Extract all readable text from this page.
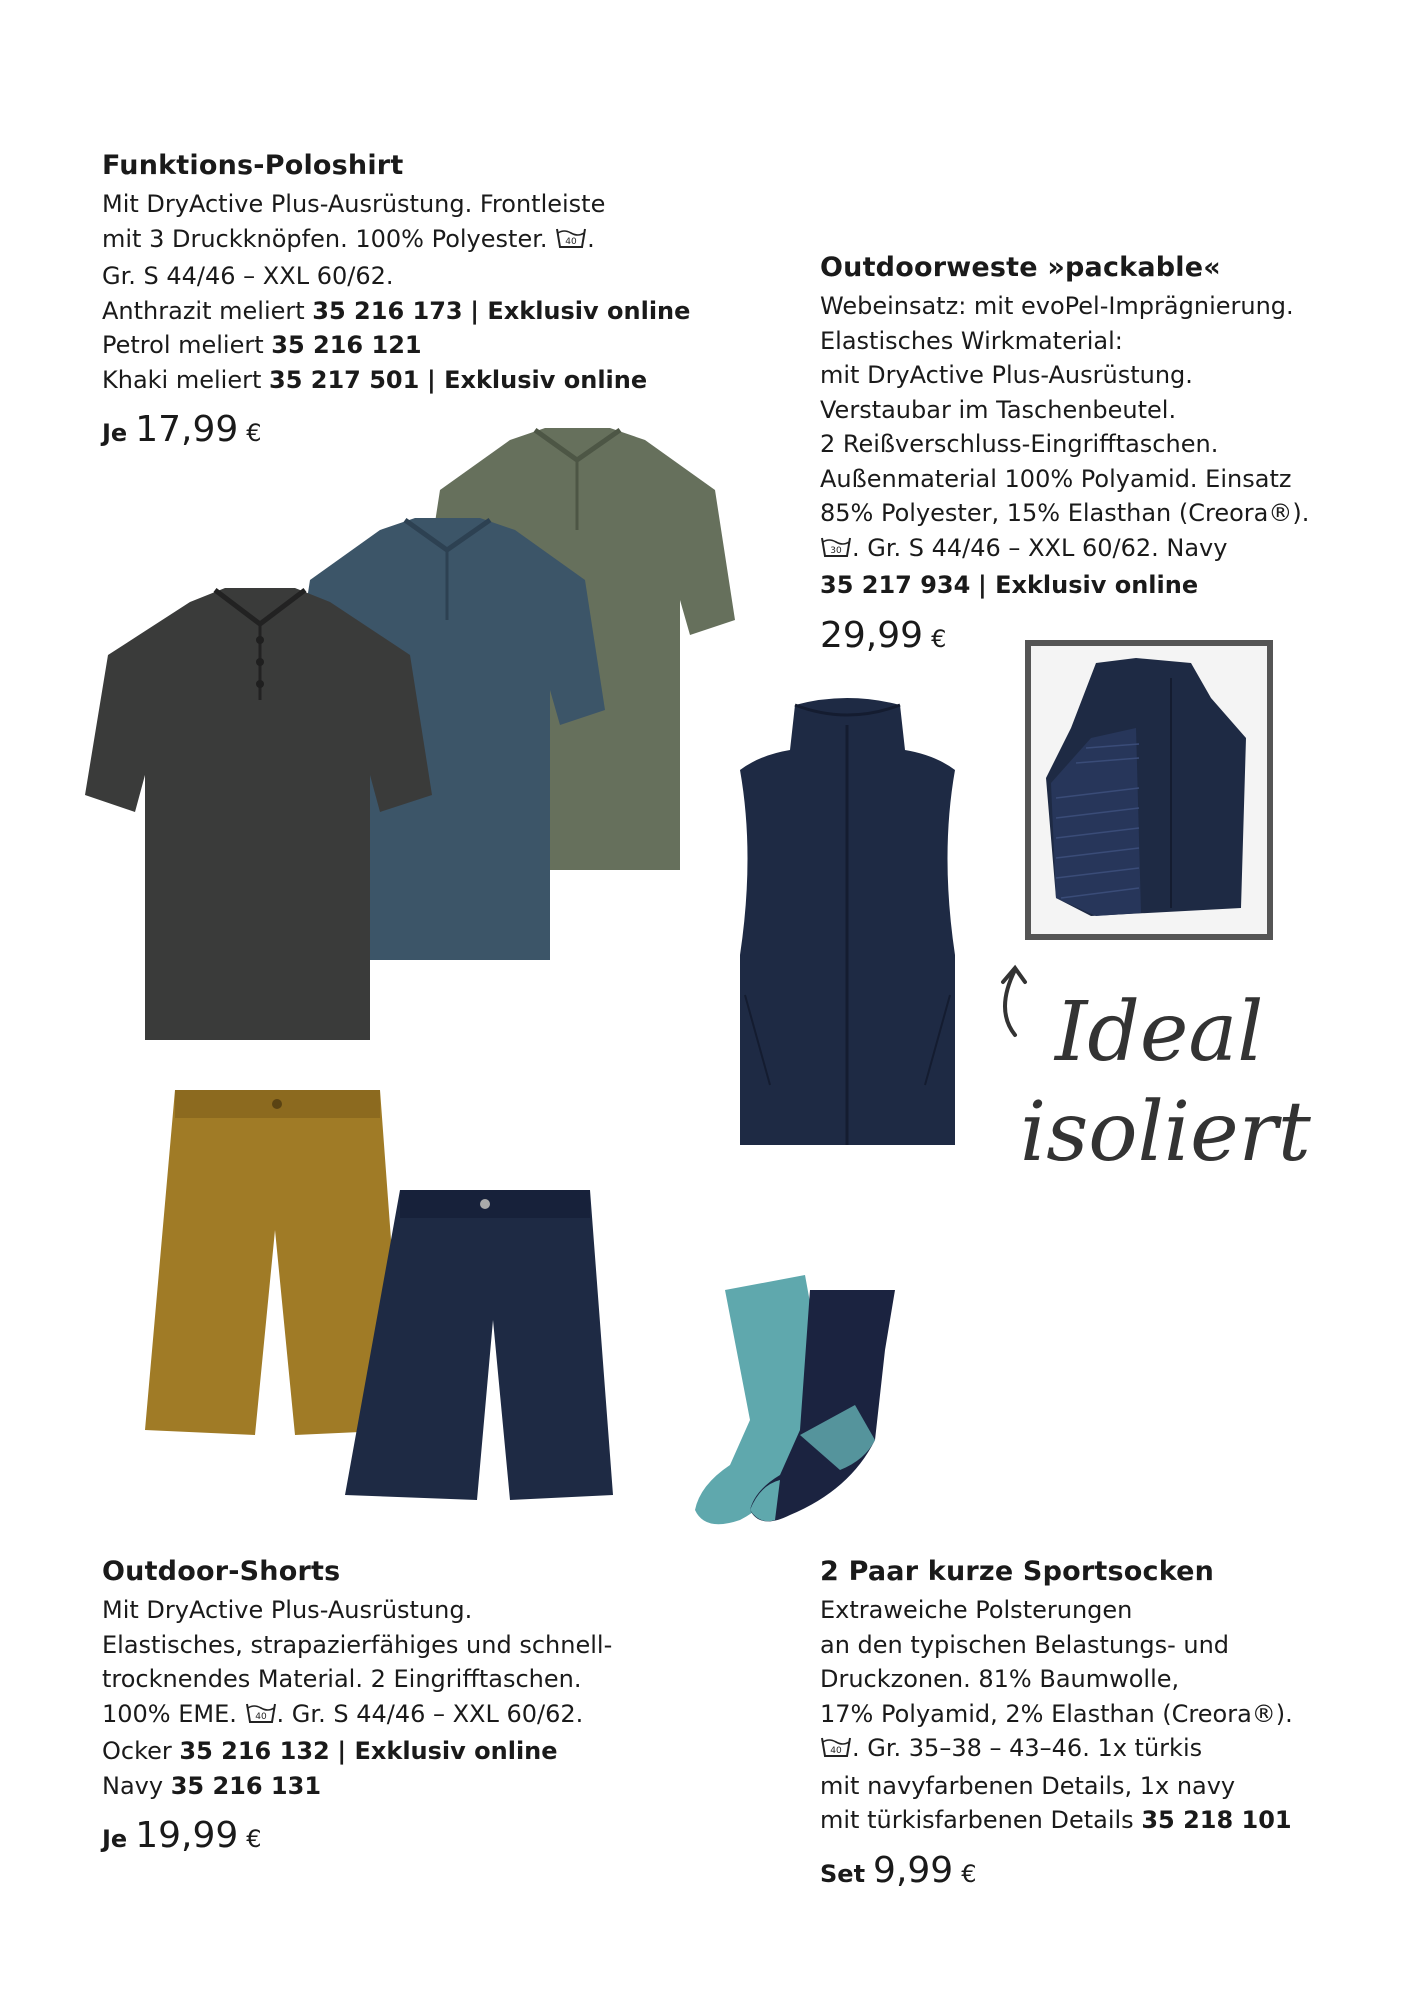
Funktions-Poloshirt
Mit DryActive Plus-Ausrüstung. Frontleiste
mit 3 Druckknöpfen. 100% Polyester. 40 .
Gr. S 44/46 – XXL 60/62.
Anthrazit meliert 35 216 173 | Exklusiv online
Petrol meliert 35 216 121
Khaki meliert 35 217 501 | Exklusiv online
Je 17,99 €
Outdoorweste »packable«
Webeinsatz: mit evoPel-Imprägnierung.
Elastisches Wirkmaterial:
mit DryActive Plus-Ausrüstung.
Verstaubar im Taschenbeutel.
2 Reißverschluss-Eingrifftaschen.
Außenmaterial 100% Polyamid. Einsatz
85% Polyester, 15% Elasthan (Creora®).
30 . Gr. S 44/46 – XXL 60/62. Navy
35 217 934 | Exklusiv online
29,99 €
Ideal
isoliert
Outdoor-Shorts
Mit DryActive Plus-Ausrüstung.
Elastisches, strapazierfähiges und schnell-
trocknendes Material. 2 Eingrifftaschen.
100% EME. 40 . Gr. S 44/46 – XXL 60/62.
Ocker 35 216 132 | Exklusiv online
Navy 35 216 131
Je 19,99 €
2 Paar kurze Sportsocken
Extraweiche Polsterungen
an den typischen Belastungs- und
Druckzonen. 81% Baumwolle,
17% Polyamid, 2% Elasthan (Creora®).
40 . Gr. 35–38 – 43–46. 1x türkis
mit navyfarbenen Details, 1x navy
mit türkisfarbenen Details 35 218 101
Set 9,99 €
